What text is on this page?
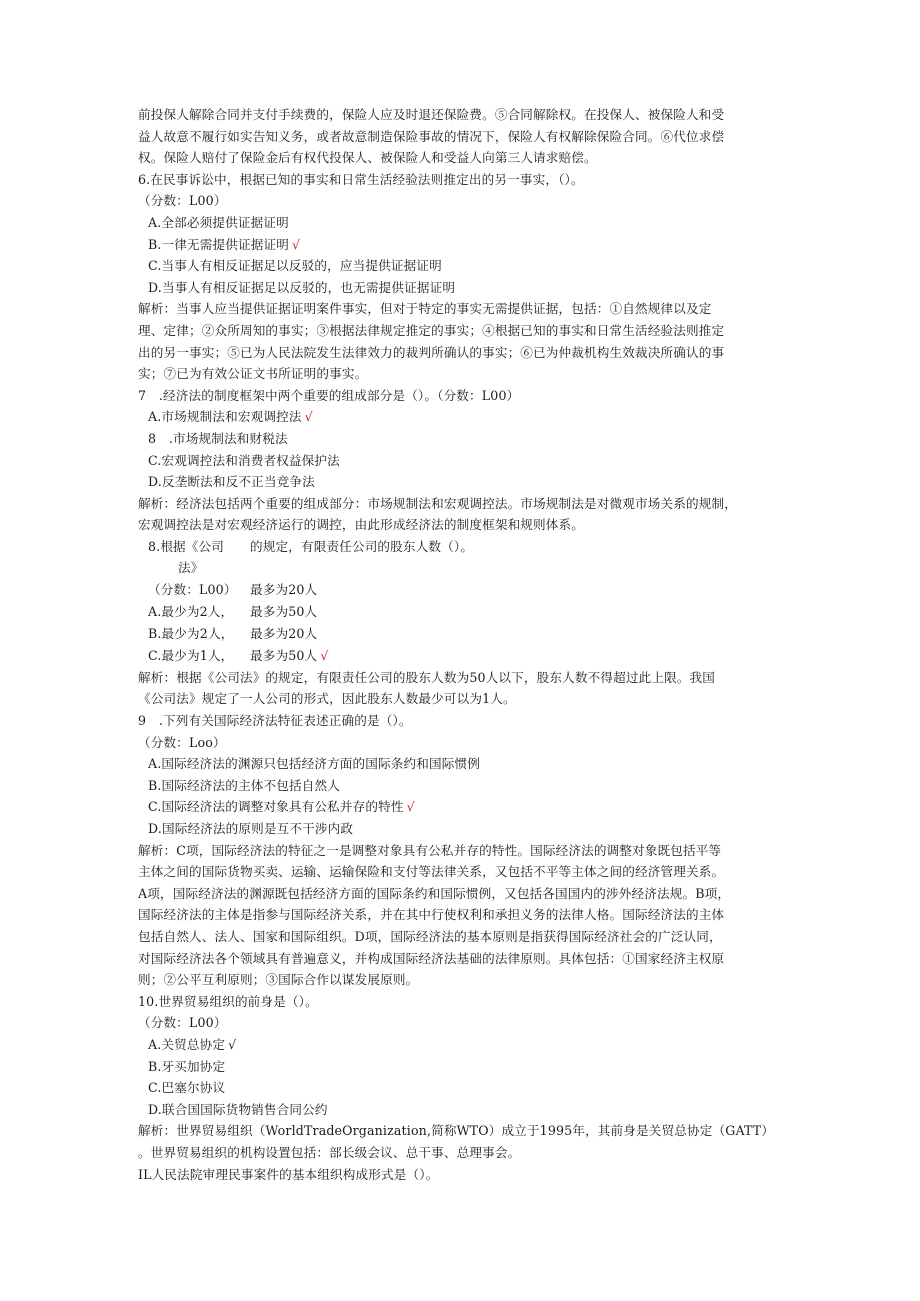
前投保人解除合同并支付手续费的，保险人应及时退还保险费。⑤合同解除权。在投保人、被保险人和受

益人故意不履行如实告知义务，或者故意制造保险事故的情况下，保险人有权解除保险合同。⑥代位求偿

权。保险人赔付了保险金后有权代投保人、被保险人和受益人向第三人请求赔偿。

6.在民事诉讼中，根据已知的事实和日常生活经验法则推定出的另一事实，（）。

（分数：L00）

A.全部必须提供证据证明

B.一律无需提供证据证明 √

C.当事人有相反证据足以反驳的，应当提供证据证明

D.当事人有相反证据足以反驳的，也无需提供证据证明

解析：当事人应当提供证据证明案件事实，但对于特定的事实无需提供证据，包括：①自然规律以及定

理、定律；②众所周知的事实；③根据法律规定推定的事实；④根据已知的事实和日常生活经验法则推定

出的另一事实；⑤已为人民法院发生法律效力的裁判所确认的事实；⑥已为仲裁机构生效裁决所确认的事

实；⑦已为有效公证文书所证明的事实。

7　.经济法的制度框架中两个重要的组成部分是（）。（分数：L00）

A.市场规制法和宏观调控法 √

8　.市场规制法和财税法

C.宏观调控法和消费者权益保护法

D.反垄断法和反不正当竞争法

解析：经济法包括两个重要的组成部分：市场规制法和宏观调控法。市场规制法是对微观市场关系的规制，

宏观调控法是对宏观经济运行的调控，由此形成经济法的制度框架和规则体系。

8.根据《公司	的规定，有限责任公司的股东人数（）。
法》
（分数：L00）	最多为20人
A.最少为2人，	最多为50人
B.最少为2人，	最多为20人
C.最少为1人，	最多为50人 √

解析：根据《公司法》的规定，有限责任公司的股东人数为50人以下，股东人数不得超过此上限。我国

《公司法》规定了一人公司的形式，因此股东人数最少可以为1人。

9　.下列有关国际经济法特征表述正确的是（）。

（分数：Loo）

A.国际经济法的渊源只包括经济方面的国际条约和国际惯例

B.国际经济法的主体不包括自然人

C.国际经济法的调整对象具有公私并存的特性 √

D.国际经济法的原则是互不干涉内政

解析：C项，国际经济法的特征之一是调整对象具有公私并存的特性。国际经济法的调整对象既包括平等

主体之间的国际货物买卖、运输、运输保险和支付等法律关系，又包括不平等主体之间的经济管理关系。

A项，国际经济法的渊源既包括经济方面的国际条约和国际惯例，又包括各国国内的涉外经济法规。B项，

国际经济法的主体是指参与国际经济关系，并在其中行使权利和承担义务的法律人格。国际经济法的主体

包括自然人、法人、国家和国际组织。D项，国际经济法的基本原则是指获得国际经济社会的广泛认同，

对国际经济法各个领域具有普遍意义，并构成国际经济法基础的法律原则。具体包括：①国家经济主权原

则；②公平互利原则；③国际合作以谋发展原则。

10.世界贸易组织的前身是（）。

（分数：L00）

A.关贸总协定 √

B.牙买加协定

C.巴塞尔协议

D.联合国国际货物销售合同公约

解析：世界贸易组织（WorldTradeOrganization,简称WTO）成立于1995年，其前身是关贸总协定（GATT）

。世界贸易组织的机构设置包括：部长级会议、总干事、总理事会。

IL人民法院审理民事案件的基本组织构成形式是（）。
